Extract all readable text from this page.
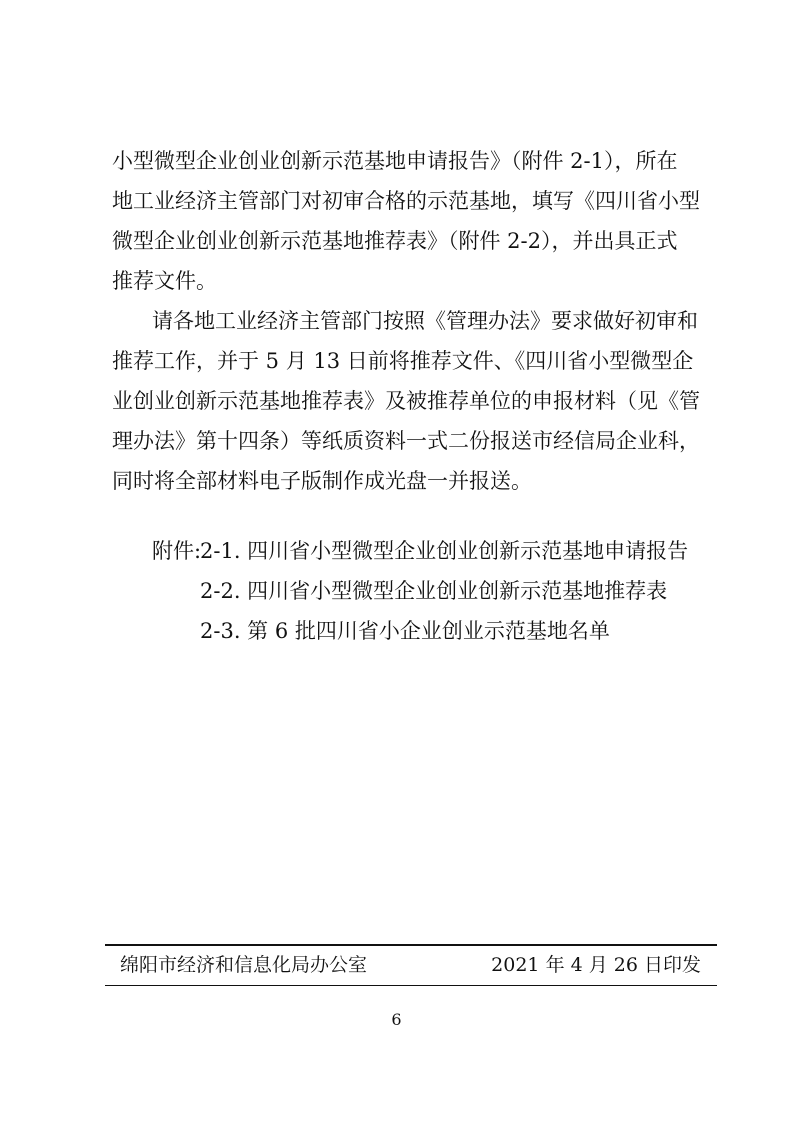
小型微型企业创业创新示范基地申请报告》（附件 2-1），所在
地工业经济主管部门对初审合格的示范基地，填写《四川省小型
微型企业创业创新示范基地推荐表》（附件 2-2），并出具正式
推荐文件。
请各地工业经济主管部门按照《管理办法》要求做好初审和
推荐工作，并于 5 月 13 日前将推荐文件、《四川省小型微型企
业创业创新示范基地推荐表》及被推荐单位的申报材料（见《管
理办法》第十四条）等纸质资料一式二份报送市经信局企业科，
同时将全部材料电子版制作成光盘一并报送。
附件:
2-1. 四川省小型微型企业创业创新示范基地申请报告
2-2. 四川省小型微型企业创业创新示范基地推荐表
2-3. 第 6 批四川省小企业创业示范基地名单
绵阳市经济和信息化局办公室	2021 年 4 月 26 日印发
6
